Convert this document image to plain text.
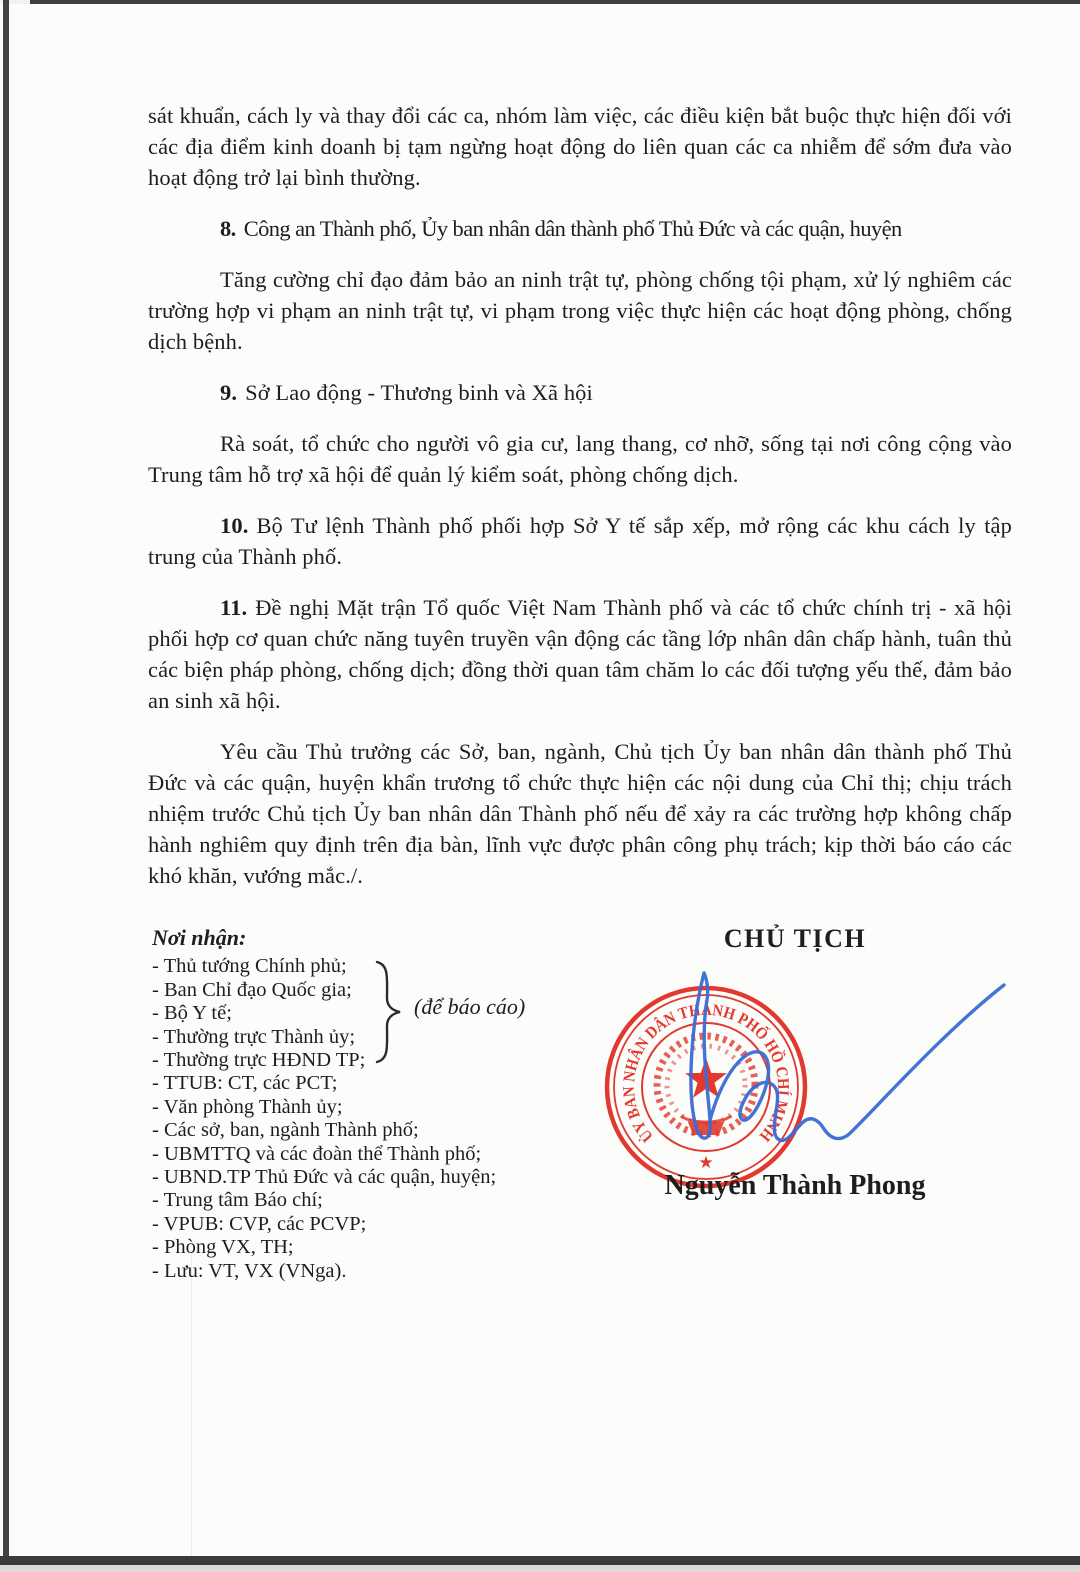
sát khuẩn, cách ly và thay đổi các ca, nhóm làm việc, các điều kiện bắt buộc thực hiện đối với các địa điểm kinh doanh bị tạm ngừng hoạt động do liên quan các ca nhiễm để sớm đưa vào hoạt động trở lại bình thường.

8. Công an Thành phố, Ủy ban nhân dân thành phố Thủ Đức và các quận, huyện

Tăng cường chỉ đạo đảm bảo an ninh trật tự, phòng chống tội phạm, xử lý nghiêm các trường hợp vi phạm an ninh trật tự, vi phạm trong việc thực hiện các hoạt động phòng, chống dịch bệnh.

9. Sở Lao động - Thương binh và Xã hội

Rà soát, tổ chức cho người vô gia cư, lang thang, cơ nhỡ, sống tại nơi công cộng vào Trung tâm hỗ trợ xã hội để quản lý kiểm soát, phòng chống dịch.

10. Bộ Tư lệnh Thành phố phối hợp Sở Y tế sắp xếp, mở rộng các khu cách ly tập trung của Thành phố.

11. Đề nghị Mặt trận Tổ quốc Việt Nam Thành phố và các tổ chức chính trị - xã hội phối hợp cơ quan chức năng tuyên truyền vận động các tầng lớp nhân dân chấp hành, tuân thủ các biện pháp phòng, chống dịch; đồng thời quan tâm chăm lo các đối tượng yếu thế, đảm bảo an sinh xã hội.

Yêu cầu Thủ trưởng các Sở, ban, ngành, Chủ tịch Ủy ban nhân dân thành phố Thủ Đức và các quận, huyện khẩn trương tổ chức thực hiện các nội dung của Chỉ thị; chịu trách nhiệm trước Chủ tịch Ủy ban nhân dân Thành phố nếu để xảy ra các trường hợp không chấp hành nghiêm quy định trên địa bàn, lĩnh vực được phân công phụ trách; kịp thời báo cáo các khó khăn, vướng mắc./.

Nơi nhận:
- Thủ tướng Chính phủ;
- Ban Chỉ đạo Quốc gia;
- Bộ Y tế;
- Thường trực Thành ủy;
- Thường trực HĐND TP;
- TTUB: CT, các PCT;
- Văn phòng Thành ủy;
- Các sở, ban, ngành Thành phố;
- UBMTTQ và các đoàn thể Thành phố;
- UBND.TP Thủ Đức và các quận, huyện;
- Trung tâm Báo chí;
- VPUB: CVP, các PCVP;
- Phòng VX, TH;
- Lưu: VT, VX (VNga).
(để báo cáo)
CHỦ TỊCH
ỦY BAN NHÂN DÂN THÀNH PHỐ HỒ CHÍ MINH
★
Nguyễn Thành Phong
